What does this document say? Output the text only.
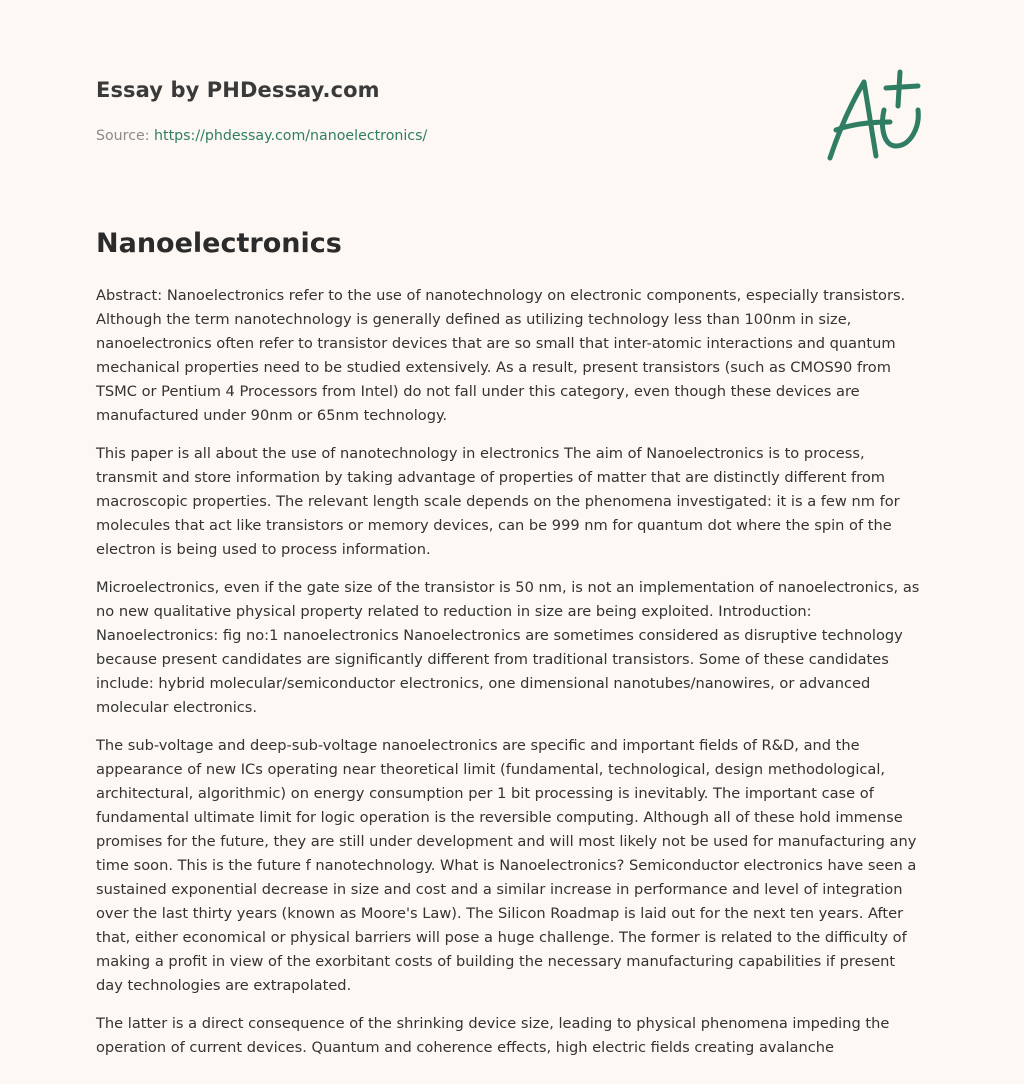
Essay by PHDessay.com
Source: https://phdessay.com/nanoelectronics/
Nanoelectronics

Abstract: Nanoelectronics refer to the use of nanotechnology on electronic components, especially transistors. Although the term nanotechnology is generally defined as utilizing technology less than 100nm in size, nanoelectronics often refer to transistor devices that are so small that inter-atomic interactions and quantum mechanical properties need to be studied extensively. As a result, present transistors (such as CMOS90 from TSMC or Pentium 4 Processors from Intel) do not fall under this category, even though these devices are manufactured under 90nm or 65nm technology.

This paper is all about the use of nanotechnology in electronics The aim of Nanoelectronics is to process, transmit and store information by taking advantage of properties of matter that are distinctly different from macroscopic properties. The relevant length scale depends on the phenomena investigated: it is a few nm for molecules that act like transistors or memory devices, can be 999 nm for quantum dot where the spin of the electron is being used to process information.

Microelectronics, even if the gate size of the transistor is 50 nm, is not an implementation of nanoelectronics, as no new qualitative physical property related to reduction in size are being exploited. Introduction: Nanoelectronics: fig no:1 nanoelectronics Nanoelectronics are sometimes considered as disruptive technology because present candidates are significantly different from traditional transistors. Some of these candidates include: hybrid molecular/semiconductor electronics, one dimensional nanotubes/nanowires, or advanced molecular electronics.

The sub-voltage and deep-sub-voltage nanoelectronics are specific and important fields of R&D, and the appearance of new ICs operating near theoretical limit (fundamental, technological, design methodological, architectural, algorithmic) on energy consumption per 1 bit processing is inevitably. The important case of fundamental ultimate limit for logic operation is the reversible computing. Although all of these hold immense promises for the future, they are still under development and will most likely not be used for manufacturing any time soon. This is the future f nanotechnology. What is Nanoelectronics? Semiconductor electronics have seen a sustained exponential decrease in size and cost and a similar increase in performance and level of integration over the last thirty years (known as Moore's Law). The Silicon Roadmap is laid out for the next ten years. After that, either economical or physical barriers will pose a huge challenge. The former is related to the difficulty of making a profit in view of the exorbitant costs of building the necessary manufacturing capabilities if present day technologies are extrapolated.

The latter is a direct consequence of the shrinking device size, leading to physical phenomena impeding the operation of current devices. Quantum and coherence effects, high electric fields creating avalanche
